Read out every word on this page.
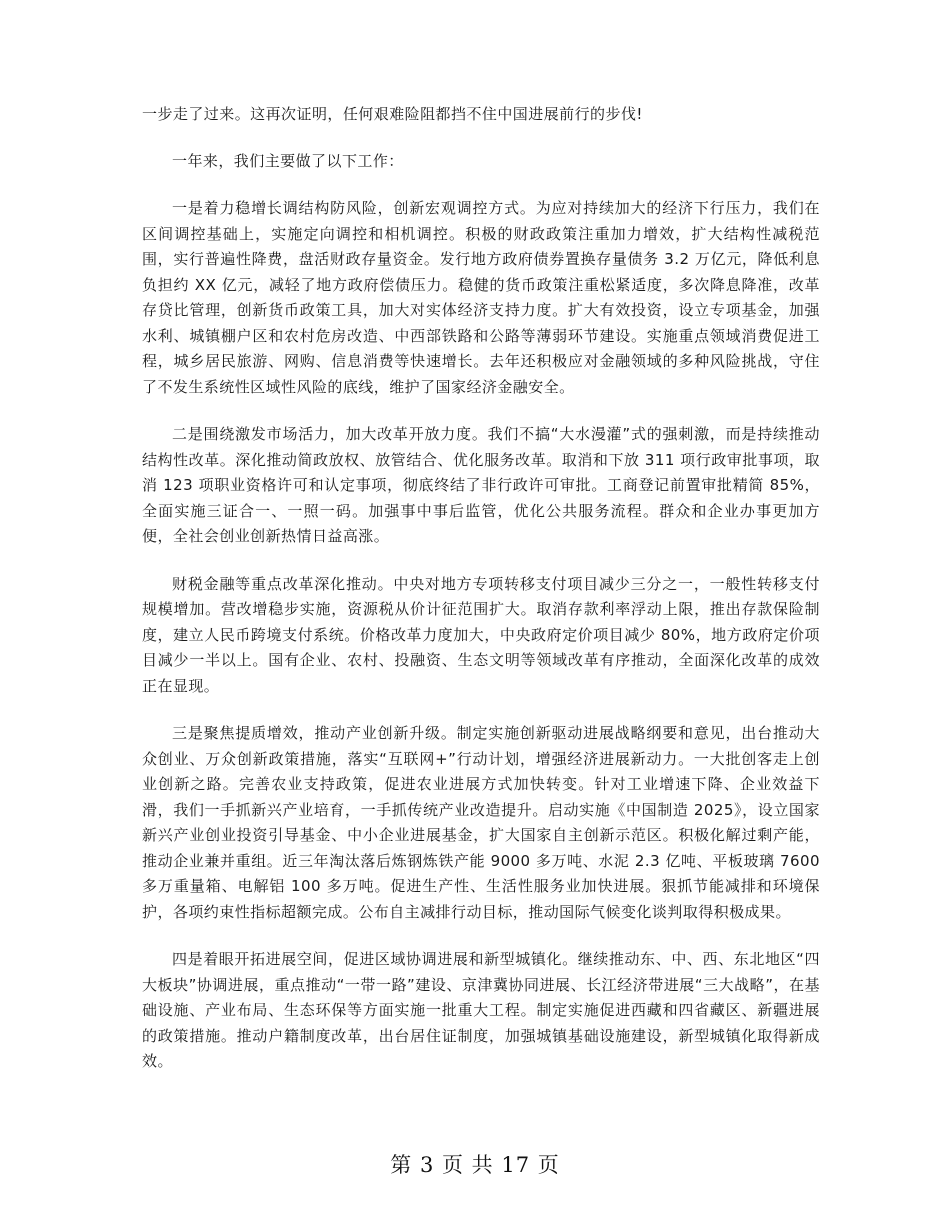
一步走了过来。这再次证明，任何艰难险阻都挡不住中国进展前行的步伐!

一年来，我们主要做了以下工作：

一是着力稳增长调结构防风险，创新宏观调控方式。为应对持续加大的经济下行压力，我们在区间调控基础上，实施定向调控和相机调控。积极的财政政策注重加力增效，扩大结构性减税范围，实行普遍性降费，盘活财政存量资金。发行地方政府债券置换存量债务 3.2 万亿元，降低利息负担约 XX 亿元，减轻了地方政府偿债压力。稳健的货币政策注重松紧适度，多次降息降准，改革存贷比管理，创新货币政策工具，加大对实体经济支持力度。扩大有效投资，设立专项基金，加强水利、城镇棚户区和农村危房改造、中西部铁路和公路等薄弱环节建设。实施重点领域消费促进工程，城乡居民旅游、网购、信息消费等快速增长。去年还积极应对金融领域的多种风险挑战，守住了不发生系统性区域性风险的底线，维护了国家经济金融安全。

二是围绕激发市场活力，加大改革开放力度。我们不搞“大水漫灌”式的强刺激，而是持续推动结构性改革。深化推动简政放权、放管结合、优化服务改革。取消和下放 311 项行政审批事项，取消 123 项职业资格许可和认定事项，彻底终结了非行政许可审批。工商登记前置审批精简 85%，全面实施三证合一、一照一码。加强事中事后监管，优化公共服务流程。群众和企业办事更加方便，全社会创业创新热情日益高涨。

财税金融等重点改革深化推动。中央对地方专项转移支付项目减少三分之一，一般性转移支付规模增加。营改增稳步实施，资源税从价计征范围扩大。取消存款利率浮动上限，推出存款保险制度，建立人民币跨境支付系统。价格改革力度加大，中央政府定价项目减少 80%，地方政府定价项目减少一半以上。国有企业、农村、投融资、生态文明等领域改革有序推动，全面深化改革的成效正在显现。

三是聚焦提质增效，推动产业创新升级。制定实施创新驱动进展战略纲要和意见，出台推动大众创业、万众创新政策措施，落实“互联网+”行动计划，增强经济进展新动力。一大批创客走上创业创新之路。完善农业支持政策，促进农业进展方式加快转变。针对工业增速下降、企业效益下滑，我们一手抓新兴产业培育，一手抓传统产业改造提升。启动实施《中国制造 2025》，设立国家新兴产业创业投资引导基金、中小企业进展基金，扩大国家自主创新示范区。积极化解过剩产能，推动企业兼并重组。近三年淘汰落后炼钢炼铁产能 9000 多万吨、水泥 2.3 亿吨、平板玻璃 7600 多万重量箱、电解铝 100 多万吨。促进生产性、生活性服务业加快进展。狠抓节能减排和环境保护，各项约束性指标超额完成。公布自主减排行动目标，推动国际气候变化谈判取得积极成果。

四是着眼开拓进展空间，促进区域协调进展和新型城镇化。继续推动东、中、西、东北地区“四大板块”协调进展，重点推动“一带一路”建设、京津冀协同进展、长江经济带进展“三大战略”，在基础设施、产业布局、生态环保等方面实施一批重大工程。制定实施促进西藏和四省藏区、新疆进展的政策措施。推动户籍制度改革，出台居住证制度，加强城镇基础设施建设，新型城镇化取得新成效。

第 3 页 共 17 页
